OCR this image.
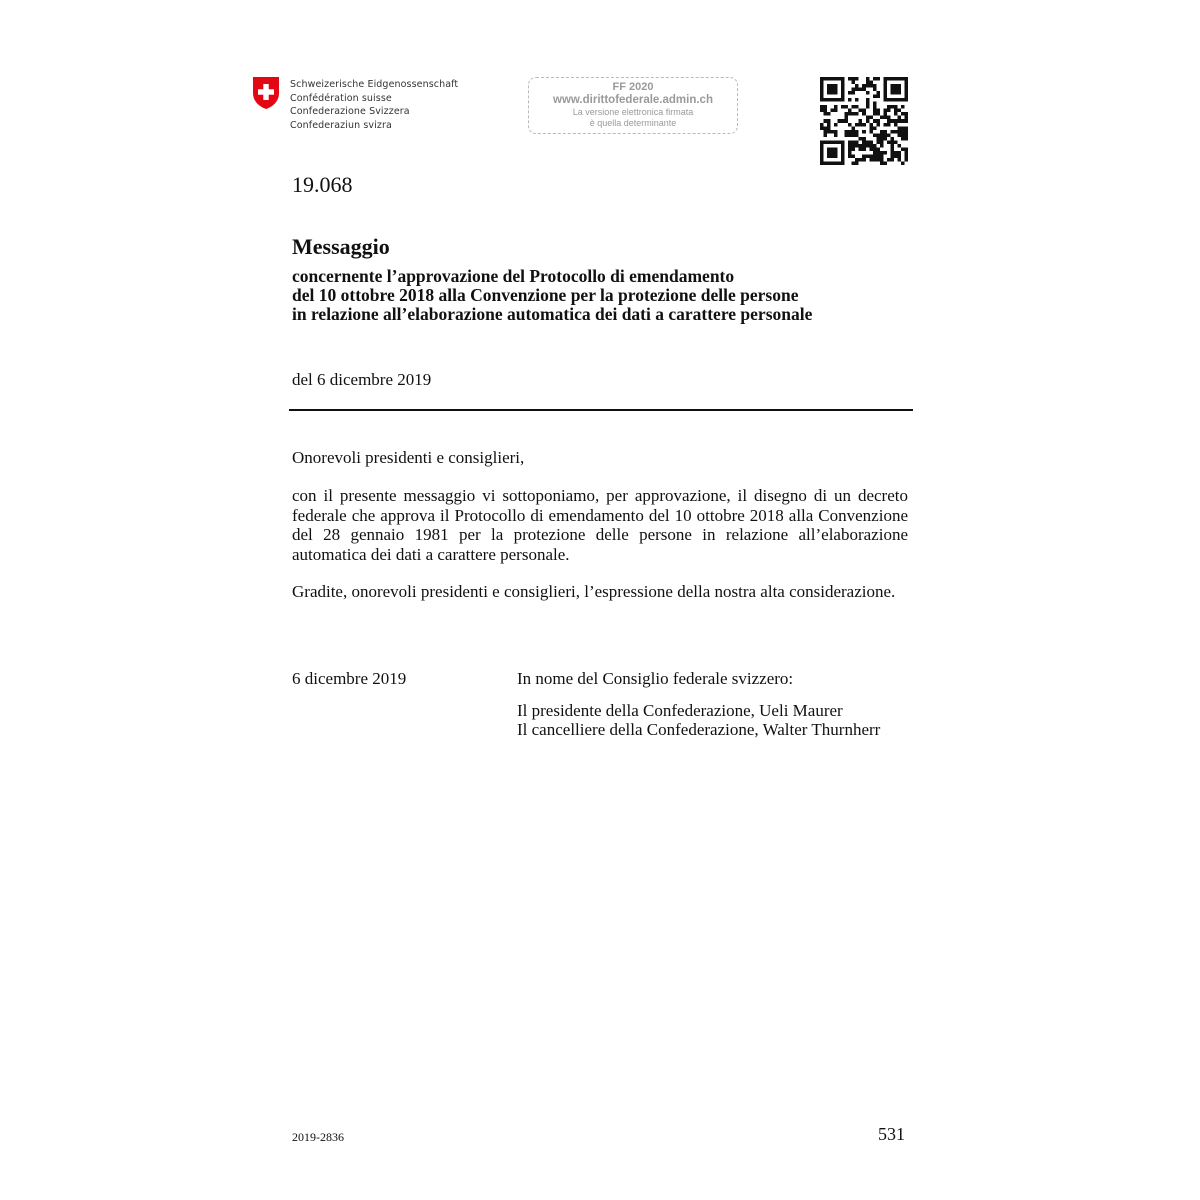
Schweizerische Eidgenossenschaft
Confédération suisse
Confederazione Svizzera
Confederaziun svizra
FF 2020
www.dirittofederale.admin.ch
La versione elettronica firmata
è quella determinante
19.068
Messaggio
concernente l’approvazione del Protocollo di emendamento
del 10 ottobre 2018 alla Convenzione per la protezione delle persone
in relazione all’elaborazione automatica dei dati a carattere personale
del 6 dicembre 2019
Onorevoli presidenti e consiglieri,
con il presente messaggio vi sottoponiamo, per approvazione, il disegno di un decreto federale che approva il Protocollo di emendamento del 10 ottobre 2018 alla Convenzione del 28 gennaio 1981 per la protezione delle persone in relazione all’elaborazione automatica dei dati a carattere personale.
Gradite, onorevoli presidenti e consiglieri, l’espressione della nostra alta considerazione.
6 dicembre 2019	In nome del Consiglio federale svizzero:
Il presidente della Confederazione, Ueli Maurer
Il cancelliere della Confederazione, Walter Thurnherr
2019-2836	531
